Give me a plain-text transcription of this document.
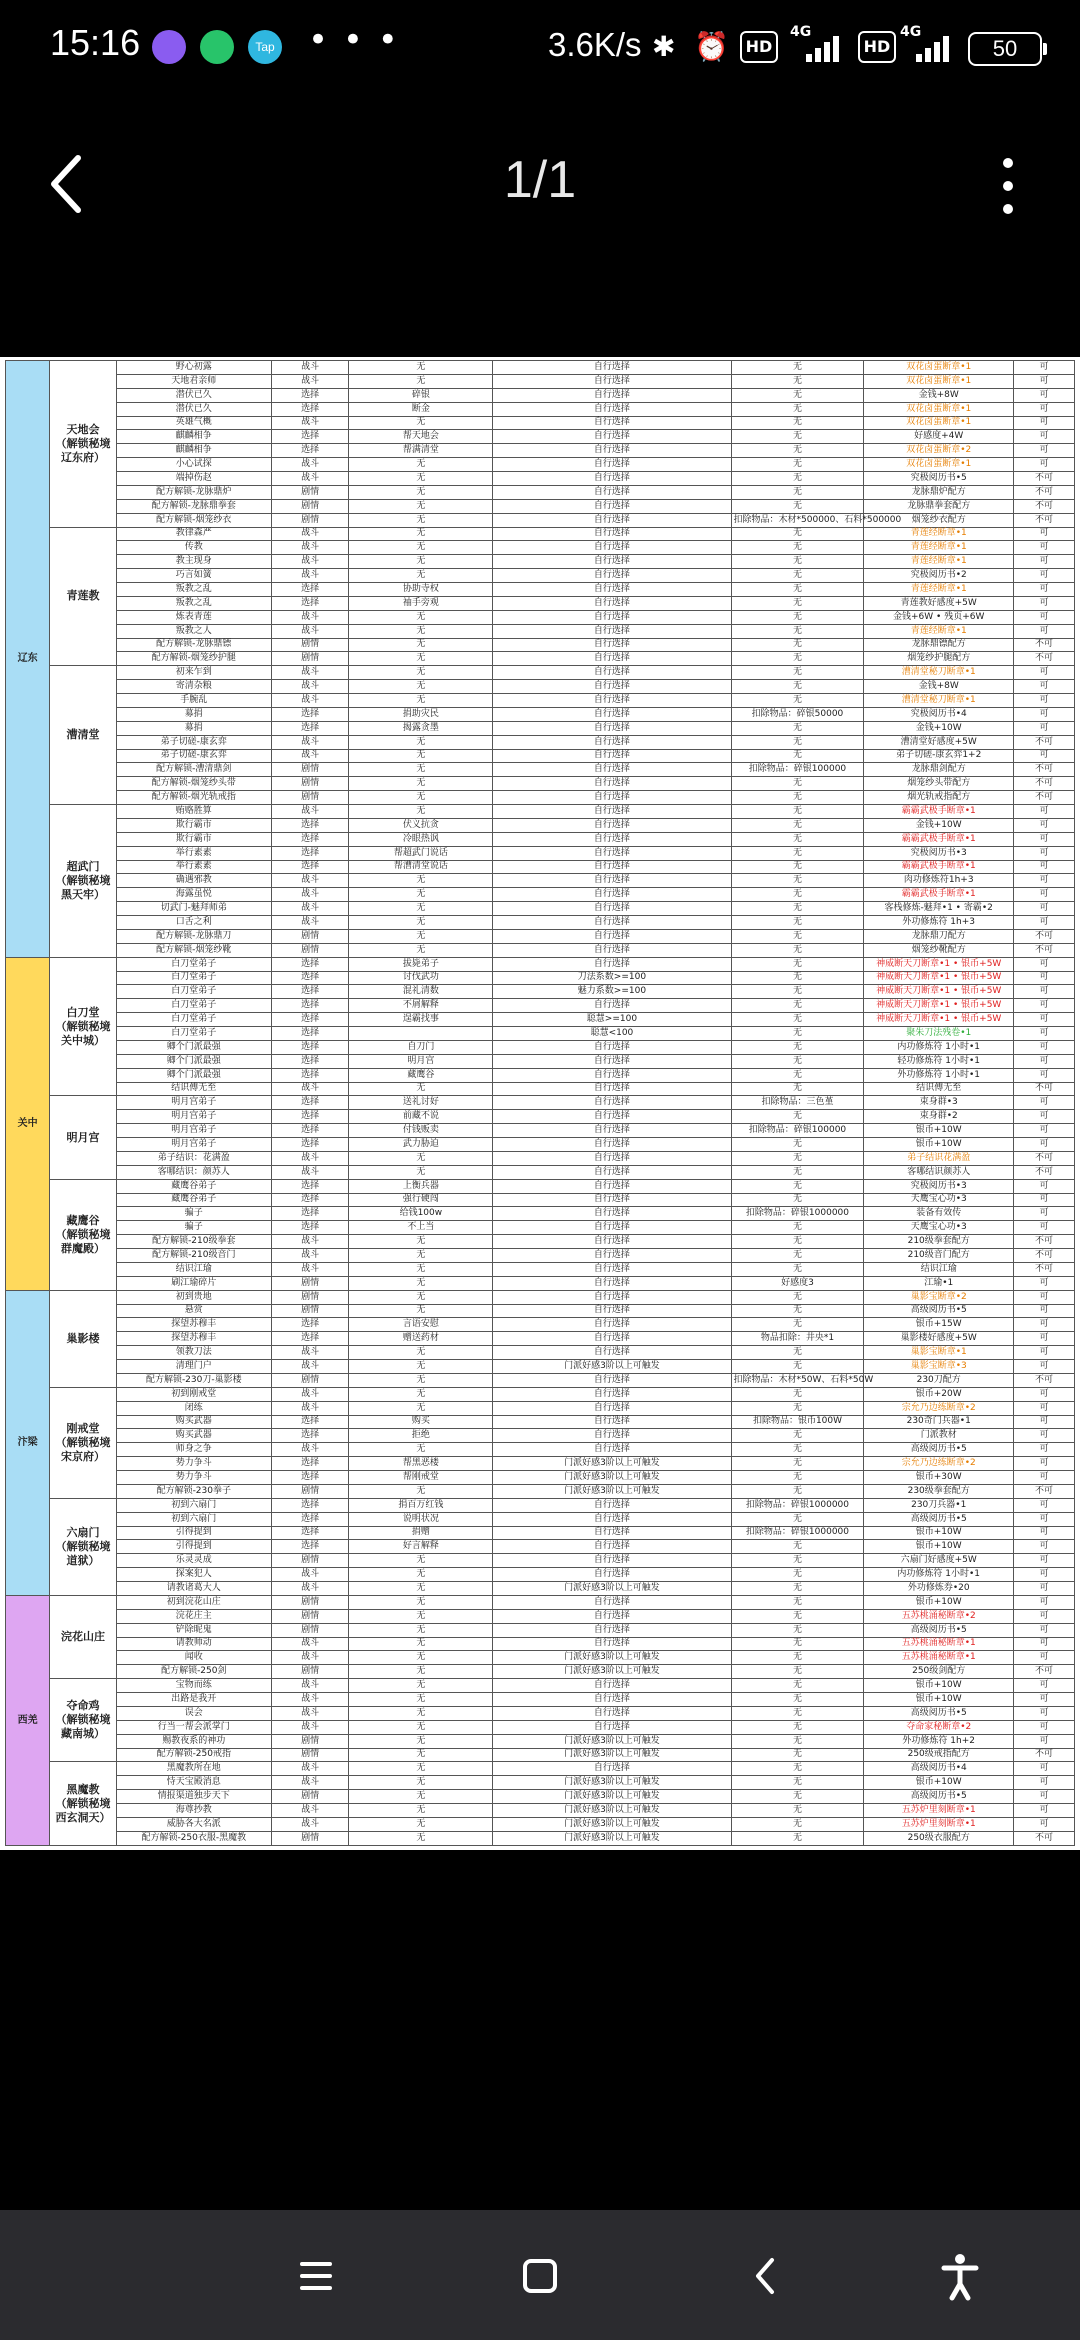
15:16	Tap • • •	3.6K/s ✱ ⏰	HD
4G
HD
4G
50
1/1
辽东	天地会
（解锁秘境
辽东府）	野心初露	战斗	无	自行选择	无	双花卤蛋断章•1	可
		天地君亲师	战斗	无	自行选择	无	双花卤蛋断章•1	可
		潜伏已久	选择	碎银	自行选择	无	金钱+8W	可
		潜伏已久	选择	断金	自行选择	无	双花卤蛋断章•1	可
		英雄气概	战斗	无	自行选择	无	双花卤蛋断章•1	可
		麒麟相争	选择	帮天地会	自行选择	无	好感度+4W	可
		麒麟相争	选择	帮满清堂	自行选择	无	双花卤蛋断章•2	可
		小心试探	战斗	无	自行选择	无	双花卤蛋断章•1	可
		端掉伤赵	战斗	无	自行选择	无	究极阅历书•5	不可
		配方解锁-龙脉鼎炉	剧情	无	自行选择	无	龙脉鼎炉配方	不可
		配方解锁-龙脉鼎拳套	剧情	无	自行选择	无	龙脉鼎拳套配方	不可
		配方解锁-烟笼纱衣	剧情	无	自行选择	扣除物品：木材*500000、石料*500000	烟笼纱衣配方	不可
	青莲教	教律森严	战斗	无	自行选择	无	青莲经断章•1	可
		传教	战斗	无	自行选择	无	青莲经断章•1	可
		教主现身	战斗	无	自行选择	无	青莲经断章•1	可
		巧言如簧	战斗	无	自行选择	无	究极阅历书•2	可
		叛教之乱	选择	协助寺权	自行选择	无	青莲经断章•1	可
		叛教之乱	选择	袖手旁观	自行选择	无	青莲教好感度+5W	可
		炼表青莲	战斗	无	自行选择	无	金钱+6W • 残页+6W	可
		叛教之人	战斗	无	自行选择	无	青莲经断章•1	可
		配方解锁-龙脉鼎镖	剧情	无	自行选择	无	龙脉鼎镖配方	不可
		配方解锁-烟笼纱护腿	剧情	无	自行选择	无	烟笼纱护腿配方	不可
	漕清堂	初来乍到	战斗	无	自行选择	无	漕清堂秘刀断章•1	可
		寄清杂粮	战斗	无	自行选择	无	金钱+8W	可
		手腕乱	战斗	无	自行选择	无	漕清堂秘刀断章•1	可
		募捐	选择	捐助灾民	自行选择	扣除物品：碎银50000	究极阅历书•4	可
		募捐	选择	揭露贪墨	自行选择	无	金钱+10W	可
		弟子切磋-康玄弈	战斗	无	自行选择	无	漕清堂好感度+5W	不可
		弟子切磋-康玄弈	战斗	无	自行选择	无	弟子切磋-康玄弈1+2	可
		配方解锁-漕清鼎剑	剧情	无	自行选择	扣除物品：碎银100000	龙脉鼎剑配方	不可
		配方解锁-烟笼纱头带	剧情	无	自行选择	无	烟笼纱头带配方	不可
		配方解锁-烟光轨戒指	剧情	无	自行选择	无	烟光轨戒指配方	不可
	超武门
（解锁秘境
黑天牢）	贿赂胜算	战斗	无	自行选择	无	霸霸武极手断章•1	可
		欺行霸市	选择	伏义抗贪	自行选择	无	金钱+10W	可
		欺行霸市	选择	冷眼热讽	自行选择	无	霸霸武极手断章•1	可
		举行素素	选择	帮超武门说话	自行选择	无	究极阅历书•3	可
		举行素素	选择	帮漕清堂说话	自行选择	无	霸霸武极手断章•1	可
		确遇邪教	战斗	无	自行选择	无	肉功修炼符1h+3	可
		海露虽悦	战斗	无	自行选择	无	霸霸武极手断章•1	可
		切武门-魅拜师弟	战斗	无	自行选择	无	客栈修炼-魅拜•1 • 寄霸•2	可
		口舌之利	战斗	无	自行选择	无	外功修炼符 1h+3	可
		配方解锁-龙脉鼎刀	剧情	无	自行选择	无	龙脉鼎刀配方	不可
		配方解锁-烟笼纱靴	剧情	无	自行选择	无	烟笼纱靴配方	不可
关中	白刀堂
（解锁秘境
关中城）	白刀堂弟子	选择	拔毙弟子	自行选择	无	神威断天刀断章•1 • 银币+5W	可
		白刀堂弟子	选择	讨伐武功	刀法系数>=100	无	神威断天刀断章•1 • 银币+5W	可
		白刀堂弟子	选择	混礼清数	魅力系数>=100	无	神威断天刀断章•1 • 银币+5W	可
		白刀堂弟子	选择	不屑解释	自行选择	无	神威断天刀断章•1 • 银币+5W	可
		白刀堂弟子	选择	逞霸找事	聪慧>=100	无	神威断天刀断章•1 • 银币+5W	可
		白刀堂弟子	选择		聪慧<100	无	聚朱刀法残卷•1	可
		卿个门派最强	选择	自刀门	自行选择	无	内功修炼符 1小时•1	可
		卿个门派最强	选择	明月宫	自行选择	无	轻功修炼符 1小时•1	可
		卿个门派最强	选择	藏鹰谷	自行选择	无	外功修炼符 1小时•1	可
		结识傅无至	战斗	无	自行选择	无	结识傅无至	不可
	明月宫	明月宫弟子	选择	送礼讨好	自行选择	扣除物品：三色堇	束身群•3	可
		明月宫弟子	选择	前藏不说	自行选择	无	束身群•2	可
		明月宫弟子	选择	付钱贩卖	自行选择	扣除物品：碎银100000	银币+10W	可
		明月宫弟子	选择	武力胁迫	自行选择	无	银币+10W	可
		弟子结识：花满盈	战斗	无	自行选择	无	弟子结识花满盈	不可
		客哪结识：颜苏人	战斗	无	自行选择	无	客哪结识颜苏人	不可
	藏鹰谷
（解锁秘境
群魔殿）	藏鹰谷弟子	选择	上衡兵器	自行选择	无	究极阅历书•3	可
		藏鹰谷弟子	选择	强行硬闯	自行选择	无	天鹰宝心功•3	可
		骗子	选择	给钱100w	自行选择	扣除物品：碎银1000000	装备有效传	可
		骗子	选择	不上当	自行选择	无	天鹰宝心功•3	可
		配方解锁-210级拳套	战斗	无	自行选择	无	210级拳套配方	不可
		配方解锁-210级音门	战斗	无	自行选择	无	210级音门配方	不可
		结识江瑜	战斗	无	自行选择	无	结识江瑜	不可
		刷江瑜碎片	剧情	无	自行选择	好感度3	江瑜•1	可
汴梁	巢影楼	初到贵地	剧情	无	自行选择	无	巢影宝断章•2	可
		悬赏	剧情	无	自行选择	无	高级阅历书•5	可
		探望苏穆丰	选择	言语安慰	自行选择	无	银币+15W	可
		探望苏穆丰	选择	赠送药材	自行选择	物品扣除：井央*1	巢影楼好感度+5W	可
		领教刀法	战斗	无	自行选择	无	巢影宝断章•1	可
		清理门户	战斗	无	门派好感3阶以上可触发	无	巢影宝断章•3	可
		配方解锁-230刀-巢影楼	剧情	无	自行选择	扣除物品：木材*50W、石料*50W	230刀配方	不可
	刚戒堂
（解锁秘境
宋京府）	初到刚戒堂	战斗	无	自行选择	无	银币+20W	可
		闭练	战斗	无	自行选择	无	宗允乃边练断章•2	可
		购买武器	选择	购买	自行选择	扣除物品：银币100W	230奇门兵器•1	可
		购买武器	选择	拒绝	自行选择	无	门派教材	可
		师身之争	战斗	无	自行选择	无	高级阅历书•5	可
		势力争斗	选择	帮黑恶楼	门派好感3阶以上可触发	无	宗允乃边练断章•2	可
		势力争斗	选择	帮刚戒堂	门派好感3阶以上可触发	无	银币+30W	可
		配方解锁-230拳子	剧情	无	门派好感3阶以上可触发	无	230级拳套配方	不可
	六扇门
（解锁秘境
道狱）	初到六扇门	选择	捐百万红钱	自行选择	扣除物品：碎银1000000	230刀兵器•1	可
		初到六扇门	选择	说明状况	自行选择	无	高级阅历书•5	可
		引得提到	选择	捐赠	自行选择	扣除物品：碎银1000000	银币+10W	可
		引得提到	选择	好言解释	自行选择	无	银币+10W	可
		乐灵灵成	剧情	无	自行选择	无	六扇门好感度+5W	可
		探案犯人	战斗	无	自行选择	无	内功修炼符 1小时•1	可
		请教诸葛大人	战斗	无	门派好感3阶以上可触发	无	外功修炼券•20	可
西羌	浣花山庄	初到浣花山庄	剧情	无	自行选择	无	银币+10W	可
		浣花庄主	剧情	无	自行选择	无	五苏桃涌秘断章•2	可
		铲除昵鬼	剧情	无	自行选择	无	高级阅历书•5	可
		请教帅动	战斗	无	自行选择	无	五苏桃涌秘断章•1	可
		闻收	战斗	无	门派好感3阶以上可触发	无	五苏桃涌秘断章•1	可
		配方解锁-250剑	剧情	无	门派好感3阶以上可触发	无	250级剑配方	不可
	夺命鸡
（解锁秘境
藏南城）	宝物而练	战斗	无	自行选择	无	银币+10W	可
		出路是我开	战斗	无	自行选择	无	银币+10W	可
		误会	战斗	无	自行选择	无	高级阅历书•5	可
		行当一帮会派掌门	战斗	无	自行选择	无	夺命家秘断章•2	可
		赐教夜系的神功	剧情	无	门派好感3阶以上可触发	无	外功修炼符 1h+2	可
		配方解锁-250戒指	剧情	无	门派好感3阶以上可触发	无	250级戒指配方	不可
	黑魔教
（解锁秘境
西玄洞天）	黑魔教所在地	战斗	无	自行选择	无	高级阅历书•4	可
		恃天宝殿消息	战斗	无	门派好感3阶以上可触发	无	银币+10W	可
		情报渠道独步天下	剧情	无	门派好感3阶以上可触发	无	高级阅历书•5	可
		海尊抄教	战斗	无	门派好感3阶以上可触发	无	五苏炉里刻断章•1	可
		威胁各大名派	战斗	无	门派好感3阶以上可触发	无	五苏炉里刻断章•1	可
		配方解锁-250衣服-黑魔教	剧情	无	门派好感3阶以上可触发	无	250级衣服配方	不可
